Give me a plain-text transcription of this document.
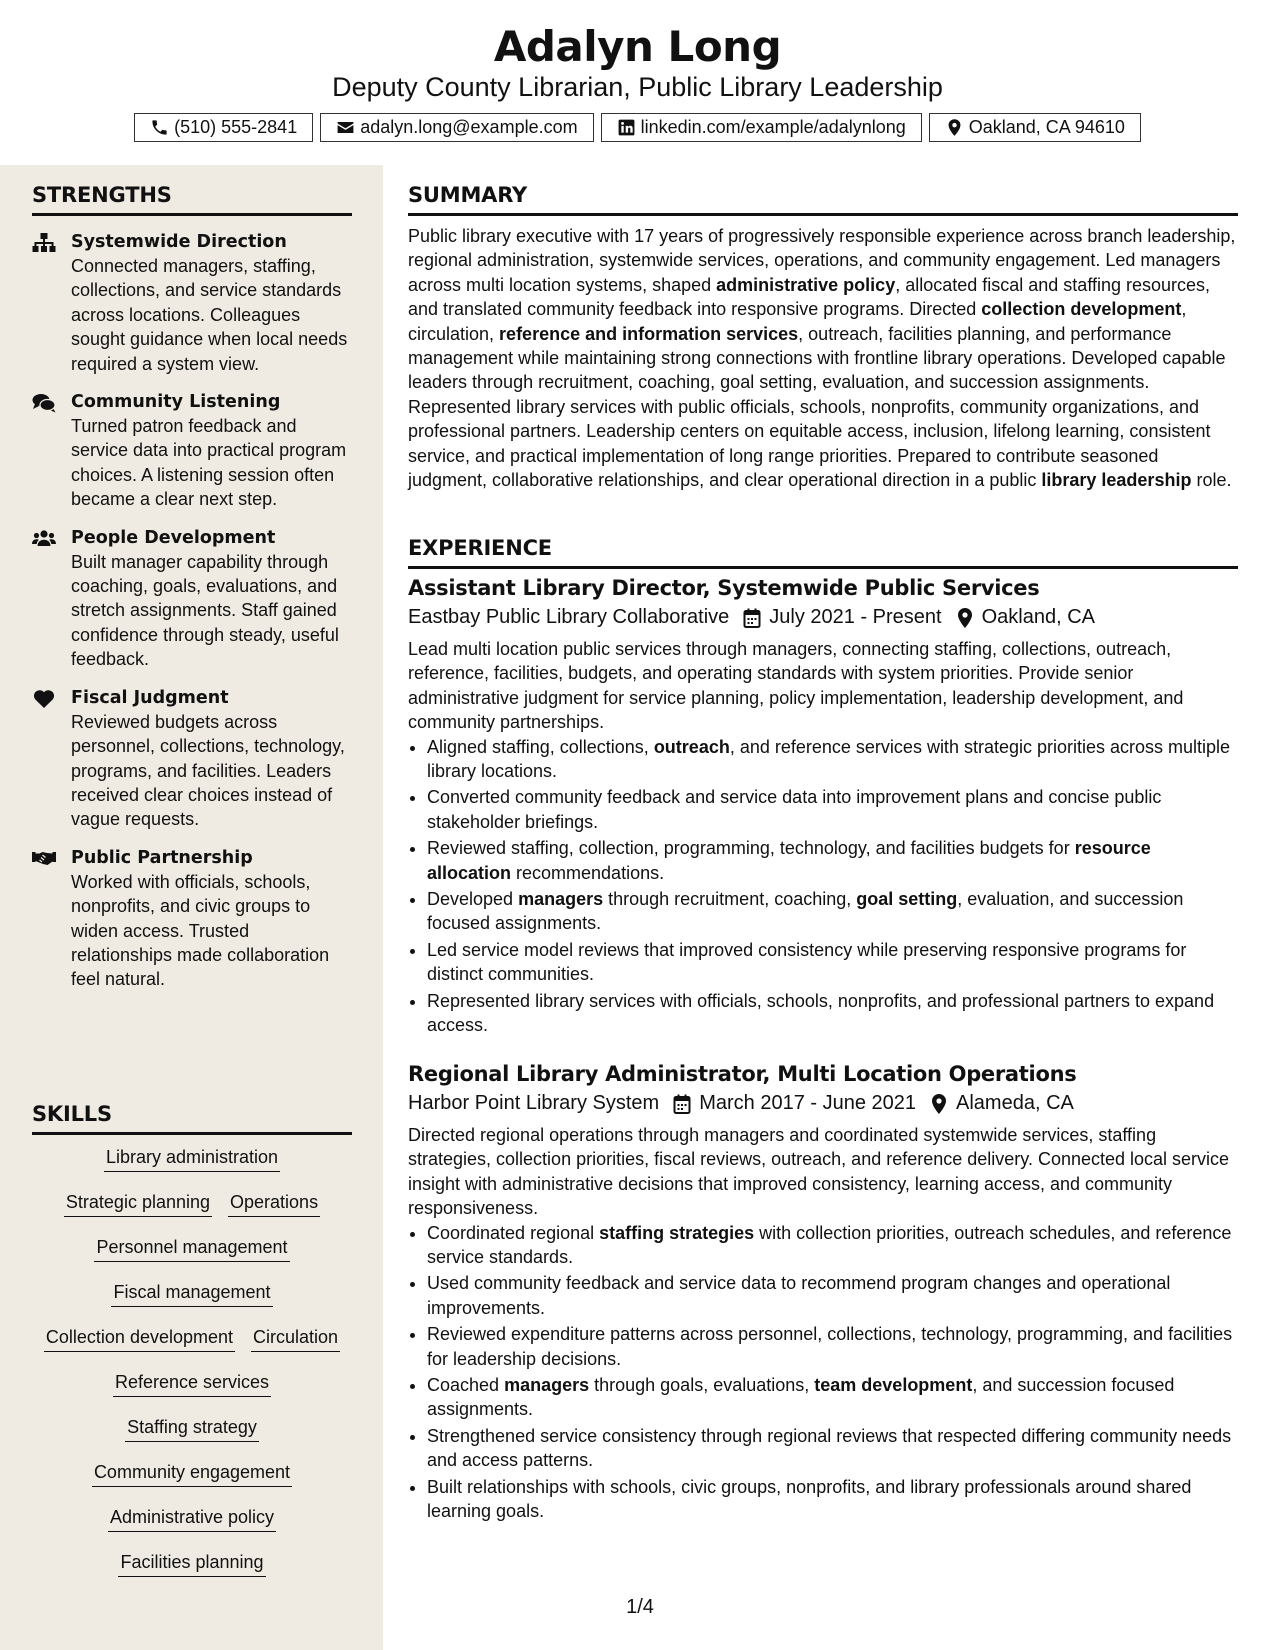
Adalyn Long
Deputy County Librarian, Public Library Leadership
(510) 555-2841	adalyn.long@example.com	linkedin.com/example/adalynlong	Oakland, CA 94610
STRENGTHS
Systemwide Direction
Connected managers, staffing, collections, and service standards across locations. Colleagues sought guidance when local needs required a system view.
Community Listening
Turned patron feedback and service data into practical program choices. A listening session often became a clear next step.
People Development
Built manager capability through coaching, goals, evaluations, and stretch assignments. Staff gained confidence through steady, useful feedback.
Fiscal Judgment
Reviewed budgets across personnel, collections, technology, programs, and facilities. Leaders received clear choices instead of vague requests.
Public Partnership
Worked with officials, schools, nonprofits, and civic groups to widen access. Trusted relationships made collaboration feel natural.
SKILLS
Library administration
Strategic planning Operations
Personnel management
Fiscal management
Collection development Circulation
Reference services
Staffing strategy
Community engagement
Administrative policy
Facilities planning
SUMMARY
Public library executive with 17 years of progressively responsible experience across branch leadership, regional administration, systemwide services, operations, and community engagement. Led managers across multi location systems, shaped administrative policy, allocated fiscal and staffing resources, and translated community feedback into responsive programs. Directed collection development, circulation, reference and information services, outreach, facilities planning, and performance management while maintaining strong connections with frontline library operations. Developed capable leaders through recruitment, coaching, goal setting, evaluation, and succession assignments. Represented library services with public officials, schools, nonprofits, community organizations, and professional partners. Leadership centers on equitable access, inclusion, lifelong learning, consistent service, and practical implementation of long range priorities. Prepared to contribute seasoned judgment, collaborative relationships, and clear operational direction in a public library leadership role.
EXPERIENCE
Assistant Library Director, Systemwide Public Services
Eastbay Public Library Collaborative July 2021 - Present Oakland, CA
Lead multi location public services through managers, connecting staffing, collections, outreach, reference, facilities, budgets, and operating standards with system priorities. Provide senior administrative judgment for service planning, policy implementation, leadership development, and community partnerships.
• Aligned staffing, collections, outreach, and reference services with strategic priorities across multiple library locations.
• Converted community feedback and service data into improvement plans and concise public stakeholder briefings.
• Reviewed staffing, collection, programming, technology, and facilities budgets for resource allocation recommendations.
• Developed managers through recruitment, coaching, goal setting, evaluation, and succession focused assignments.
• Led service model reviews that improved consistency while preserving responsive programs for distinct communities.
• Represented library services with officials, schools, nonprofits, and professional partners to expand access.
Regional Library Administrator, Multi Location Operations
Harbor Point Library System March 2017 - June 2021 Alameda, CA
Directed regional operations through managers and coordinated systemwide services, staffing strategies, collection priorities, fiscal reviews, outreach, and reference delivery. Connected local service insight with administrative decisions that improved consistency, learning access, and community responsiveness.
• Coordinated regional staffing strategies with collection priorities, outreach schedules, and reference service standards.
• Used community feedback and service data to recommend program changes and operational improvements.
• Reviewed expenditure patterns across personnel, collections, technology, programming, and facilities for leadership decisions.
• Coached managers through goals, evaluations, team development, and succession focused assignments.
• Strengthened service consistency through regional reviews that respected differing community needs and access patterns.
• Built relationships with schools, civic groups, nonprofits, and library professionals around shared learning goals.
1/4
